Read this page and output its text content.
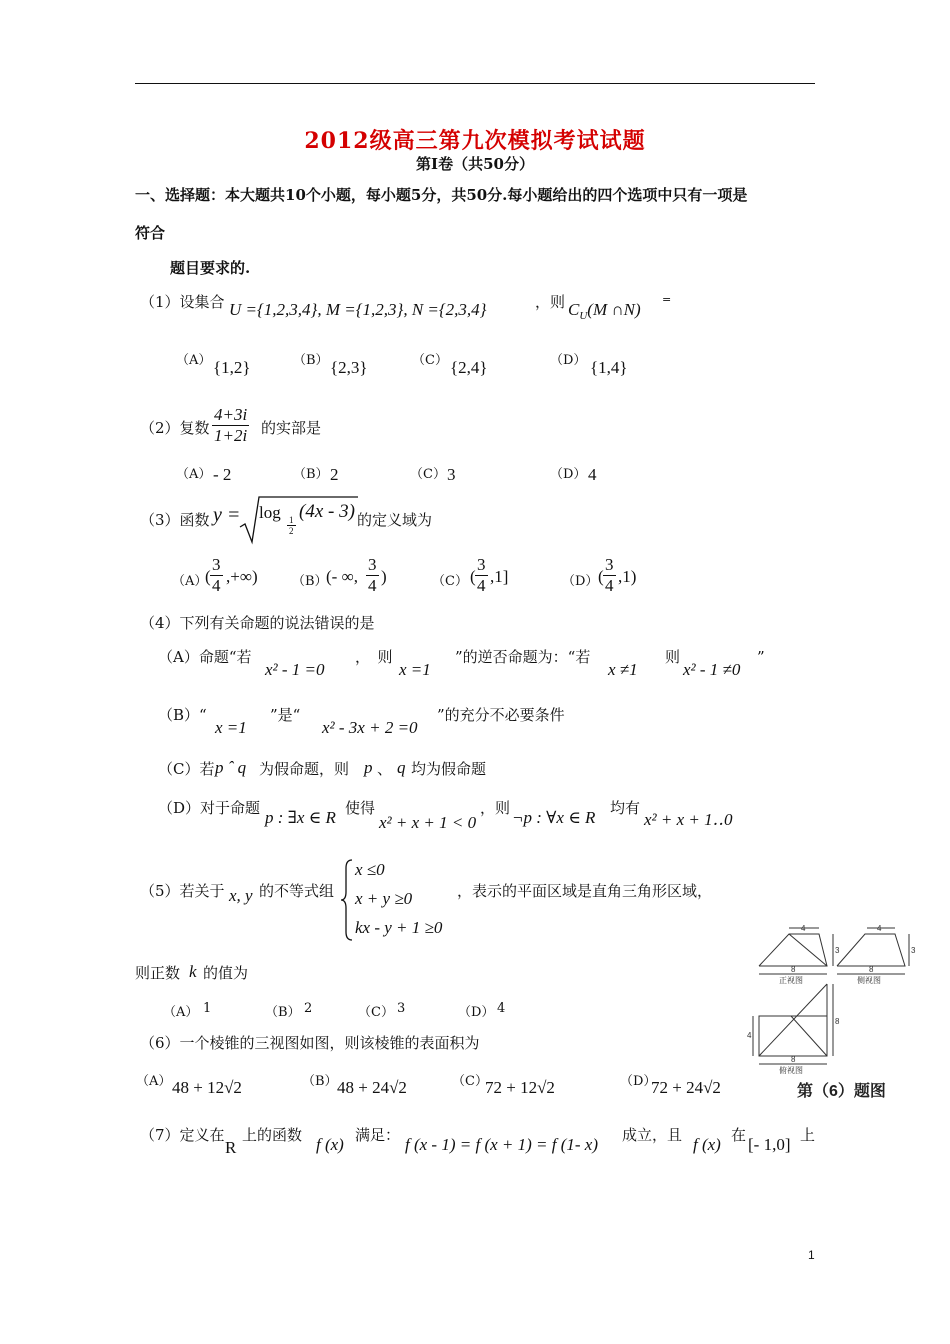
2012级高三第九次模拟考试试题
第Ⅰ卷（共50分）
一、选择题：本大题共10个小题，每小题5分，共50分.每小题给出的四个选项中只有一项是
符合
题目要求的.
（1）设集合 U ={1,2,3,4}, M ={1,2,3}, N ={2,3,4}	，则 $C_U(M$ ∩N)
=
（A） {1,2}	（B） {2,3}	（C） {2,4}	（D） {1,4}
（2）复数 $\frac{4+3i}{1+2i}$ 的实部是
（A） - 2	（B） 2	（C） 3	（D） 4
（3）函数 y = log
$\frac{1}{2}$
(4x - 3) 的定义域为
（A）
( $\frac{3}{4}$ ,+∞)	（B）
(- ∞, $\frac{3}{4}$ )	（C） ( $\frac{3}{4} ,1$]	（D） ( $\frac{3}{4} ,1$)
（4）下列有关命题的说法错误的是
（A）命题“若
x² - 1 =0
，　则
x =1
”的逆否命题为：“若
x ≠1
则
x² - 1 ≠0
”
（B）“
x =1
”是“
x² - 3x + 2 =0
”的充分不必要条件
（C）若 p ˆ q 为假命题，则 p 、 q 均为假命题
（D）对于命题 p : ∃x ∈ R 使得
x² + x + 1 < 0
，则 ¬p : ∀x ∈ R 均有
x² + x + 1‥0
（5）若关于 x, y 的不等式组
x ≤0
x + y ≥0
kx - y + 1 ≥0
，表示的平面区域是直角三角形区域，
则正数 k 的值为
（A） 1	（B） 2	（C） 3	（D） 4
（6）一个棱锥的三视图如图，则该棱锥的表面积为
（A） 48 + 12√2	（B） 48 + 24√2	（C）
72 + 12√2	（D）
72 + 24√2
4
3
8
正视图
4
3
8
侧视图
4
8
8
俯视图
第（6）题图
（7）定义在
R
上的函数 f (x) 满足： f (x - 1) = f (x + 1) = f (1- x) 成立，且 f (x) 在 [- 1,0] 上
1
